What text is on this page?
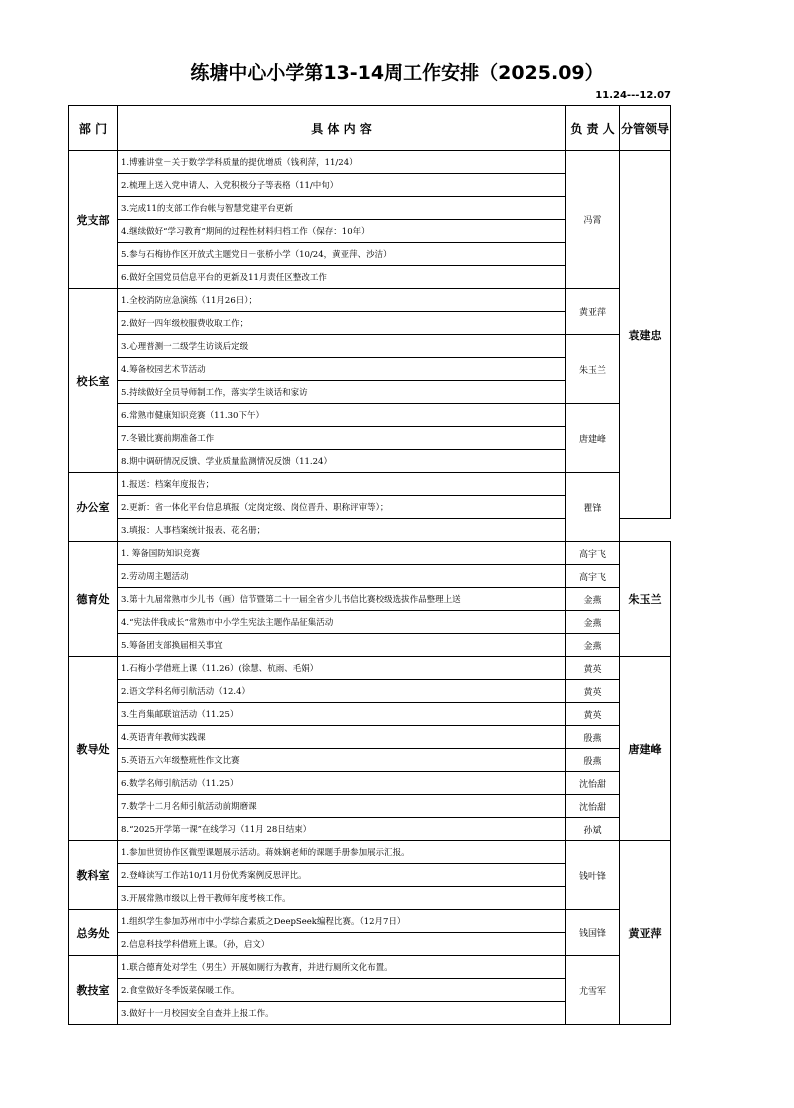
练塘中心小学第13-14周工作安排（2025.09）
11.24---12.07
部 门	具 体 内 容	负 责 人	分管领导
党支部	1.博雅讲堂－关于数学学科质量的提优增质（钱利萍，11/24）	冯霄	袁建忠
	2.梳理上送入党申请人、入党积极分子等表格（11/中旬）		
	3.完成11的支部工作台帐与智慧党建平台更新		
	4.继续做好“学习教育”期间的过程性材料归档工作（保存：10年）		
	5.参与石梅协作区开放式主题党日－张桥小学（10/24，黄亚萍、沙洁）		
	6.做好全国党员信息平台的更新及11月责任区整改工作		
校长室	1.全校消防应急演练（11月26日）；	黄亚萍	
	2.做好一四年级校服费收取工作；		
	3.心理普测一二级学生访谈后定级	朱玉兰	
	4.筹备校园艺术节活动		
	5.持续做好全员导师制工作，落实学生谈话和家访		
	6.常熟市健康知识竞赛（11.30下午）	唐建峰	
	7.冬锻比赛前期准备工作		
	8.期中调研情况反馈、学业质量监测情况反馈（11.24）		
办公室	1.报送：档案年度报告；	瞿锋	
	2.更新：省一体化平台信息填报（定岗定级、岗位晋升、职称评审等）；		
	3.填报：人事档案统计报表、花名册；		
德育处	1. 筹备国防知识竞赛	高宇飞	朱玉兰
	2.劳动周主题活动	高宇飞	
	3.第十九届常熟市少儿书（画）信节暨第二十一届全省少儿书信比赛校级选拔作品整理上送	金燕	
	4.“宪法伴我成长”常熟市中小学生宪法主题作品征集活动	金燕	
	5.筹备团支部换届相关事宜	金燕	
教导处	1.石梅小学借班上课（11.26）(徐慧、杭雨、毛娟）	黄英	唐建峰
	2.语文学科名师引航活动（12.4）	黄英	
	3.生肖集邮联谊活动（11.25）	黄英	
	4.英语青年教师实践课	殷燕	
	5.英语五六年级整班性作文比赛	殷燕	
	6.数学名师引航活动（11.25）	沈怡甜	
	7.数学十二月名师引航活动前期磨课	沈怡甜	
	8.“2025开学第一课”在线学习（11月 28日结束）	孙斌	
教科室	1.参加世贸协作区微型课题展示活动。蒋姝娴老师的课题手册参加展示汇报。	钱叶锋	黄亚萍
	2.登峰读写工作站10/11月份优秀案例反思评比。		
	3.开展常熟市级以上骨干教师年度考核工作。		
总务处	1.组织学生参加苏州市中小学综合素质之DeepSeek编程比赛。（12月7日）	钱国锋	
	2.信息科技学科借班上课。（孙，启文）		
教技室	1.联合德育处对学生（男生）开展如厕行为教育，并进行厕所文化布置。	尤雪军	
	2.食堂做好冬季饭菜保暖工作。		
	3.做好十一月校园安全自查并上报工作。		
